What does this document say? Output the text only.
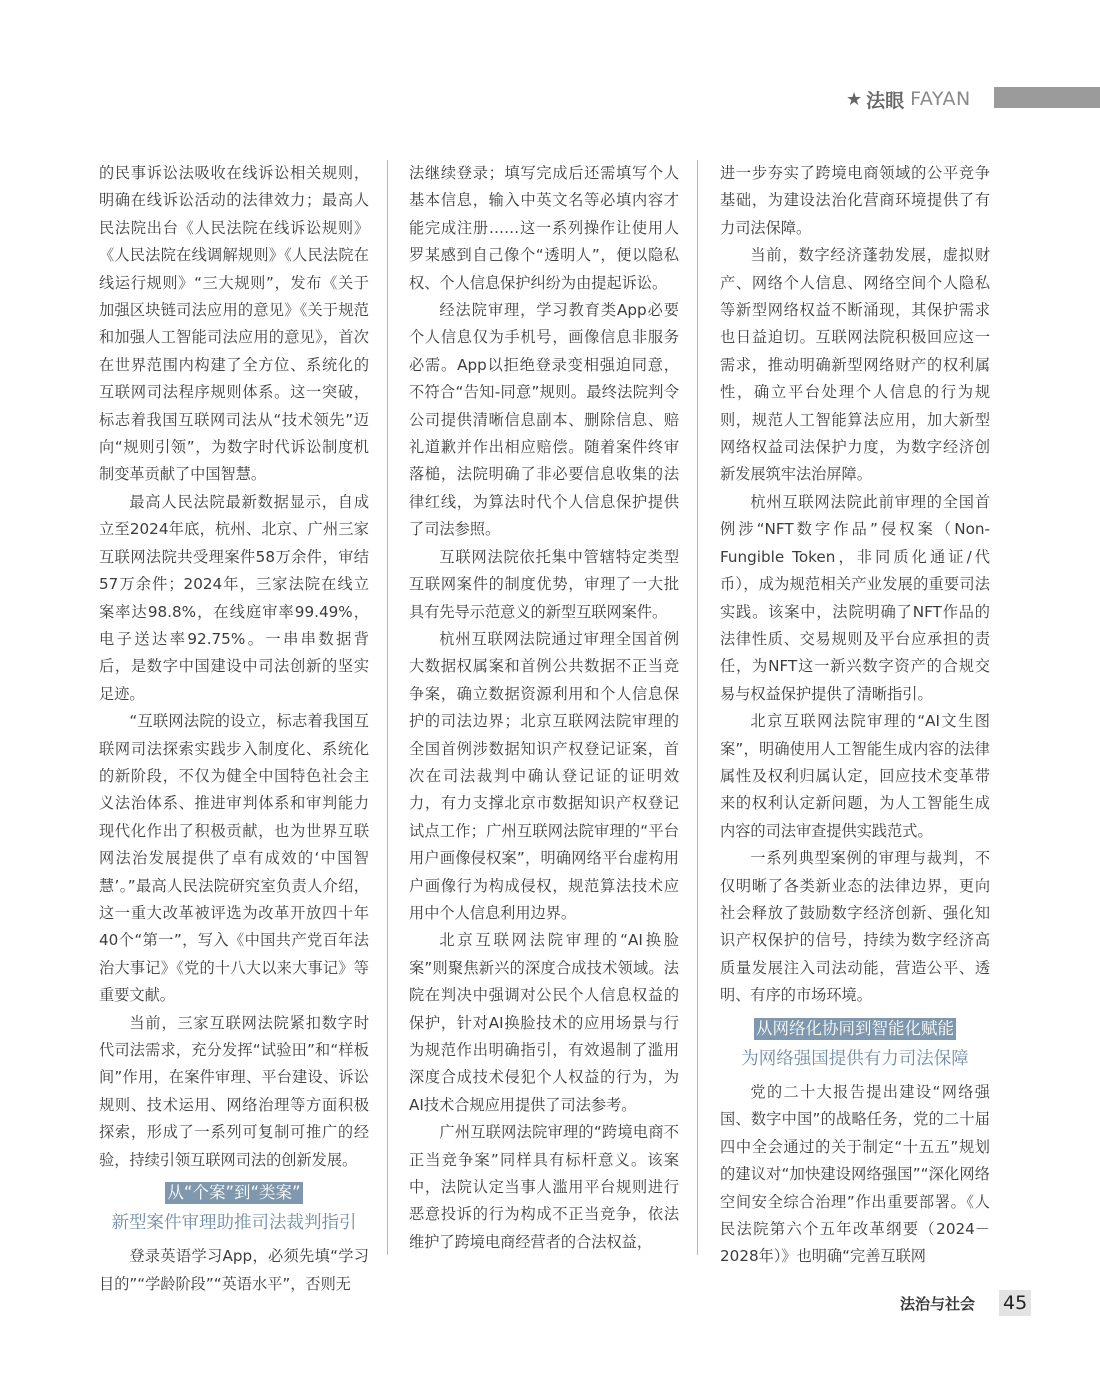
★ 法眼 FAYAN

的民事诉讼法吸收在线诉讼相关规则，明确在线诉讼活动的法律效力；最高人民法院出台《人民法院在线诉讼规则》《人民法院在线调解规则》《人民法院在线运行规则》“三大规则”，发布《关于加强区块链司法应用的意见》《关于规范和加强人工智能司法应用的意见》，首次在世界范围内构建了全方位、系统化的互联网司法程序规则体系。这一突破，标志着我国互联网司法从“技术领先”迈向“规则引领”，为数字时代诉讼制度机制变革贡献了中国智慧。

最高人民法院最新数据显示，自成立至2024年底，杭州、北京、广州三家互联网法院共受理案件58万余件，审结57万余件；2024年，三家法院在线立案率达98.8%，在线庭审率99.49%，电子送达率92.75%。一串串数据背后，是数字中国建设中司法创新的坚实足迹。

“互联网法院的设立，标志着我国互联网司法探索实践步入制度化、系统化的新阶段，不仅为健全中国特色社会主义法治体系、推进审判体系和审判能力现代化作出了积极贡献，也为世界互联网法治发展提供了卓有成效的‘中国智慧’。”最高人民法院研究室负责人介绍，这一重大改革被评选为改革开放四十年40个“第一”，写入《中国共产党百年法治大事记》《党的十八大以来大事记》等重要文献。

当前，三家互联网法院紧扣数字时代司法需求，充分发挥“试验田”和“样板间”作用，在案件审理、平台建设、诉讼规则、技术运用、网络治理等方面积极探索，形成了一系列可复制可推广的经验，持续引领互联网司法的创新发展。

从“个案”到“类案”
新型案件审理助推司法裁判指引

登录英语学习App，必须先填“学习目的”“学龄阶段”“英语水平”，否则无

法继续登录；填写完成后还需填写个人基本信息，输入中英文名等必填内容才能完成注册……这一系列操作让使用人罗某感到自己像个“透明人”，便以隐私权、个人信息保护纠纷为由提起诉讼。

经法院审理，学习教育类App必要个人信息仅为手机号，画像信息非服务必需。App以拒绝登录变相强迫同意，不符合“告知-同意”规则。最终法院判令公司提供清晰信息副本、删除信息、赔礼道歉并作出相应赔偿。随着案件终审落槌，法院明确了非必要信息收集的法律红线，为算法时代个人信息保护提供了司法参照。

互联网法院依托集中管辖特定类型互联网案件的制度优势，审理了一大批具有先导示范意义的新型互联网案件。

杭州互联网法院通过审理全国首例大数据权属案和首例公共数据不正当竞争案，确立数据资源利用和个人信息保护的司法边界；北京互联网法院审理的全国首例涉数据知识产权登记证案，首次在司法裁判中确认登记证的证明效力，有力支撑北京市数据知识产权登记试点工作；广州互联网法院审理的“平台用户画像侵权案”，明确网络平台虚构用户画像行为构成侵权，规范算法技术应用中个人信息利用边界。

北京互联网法院审理的“AI换脸案”则聚焦新兴的深度合成技术领域。法院在判决中强调对公民个人信息权益的保护，针对AI换脸技术的应用场景与行为规范作出明确指引，有效遏制了滥用深度合成技术侵犯个人权益的行为，为AI技术合规应用提供了司法参考。

广州互联网法院审理的“跨境电商不正当竞争案”同样具有标杆意义。该案中，法院认定当事人滥用平台规则进行恶意投诉的行为构成不正当竞争，依法维护了跨境电商经营者的合法权益，

进一步夯实了跨境电商领域的公平竞争基础，为建设法治化营商环境提供了有力司法保障。

当前，数字经济蓬勃发展，虚拟财产、网络个人信息、网络空间个人隐私等新型网络权益不断涌现，其保护需求也日益迫切。互联网法院积极回应这一需求，推动明确新型网络财产的权利属性，确立平台处理个人信息的行为规则，规范人工智能算法应用，加大新型网络权益司法保护力度，为数字经济创新发展筑牢法治屏障。

杭州互联网法院此前审理的全国首例涉“NFT数字作品”侵权案（Non-Fungible Token，非同质化通证/代币），成为规范相关产业发展的重要司法实践。该案中，法院明确了NFT作品的法律性质、交易规则及平台应承担的责任，为NFT这一新兴数字资产的合规交易与权益保护提供了清晰指引。

北京互联网法院审理的“AI文生图案”，明确使用人工智能生成内容的法律属性及权利归属认定，回应技术变革带来的权利认定新问题，为人工智能生成内容的司法审查提供实践范式。

一系列典型案例的审理与裁判，不仅明晰了各类新业态的法律边界，更向社会释放了鼓励数字经济创新、强化知识产权保护的信号，持续为数字经济高质量发展注入司法动能，营造公平、透明、有序的市场环境。

从网络化协同到智能化赋能
为网络强国提供有力司法保障

党的二十大报告提出建设“网络强国、数字中国”的战略任务，党的二十届四中全会通过的关于制定“十五五”规划的建议对“加快建设网络强国”“深化网络空间安全综合治理”作出重要部署。《人民法院第六个五年改革纲要（2024－2028年）》也明确“完善互联网

法治与社会 45
